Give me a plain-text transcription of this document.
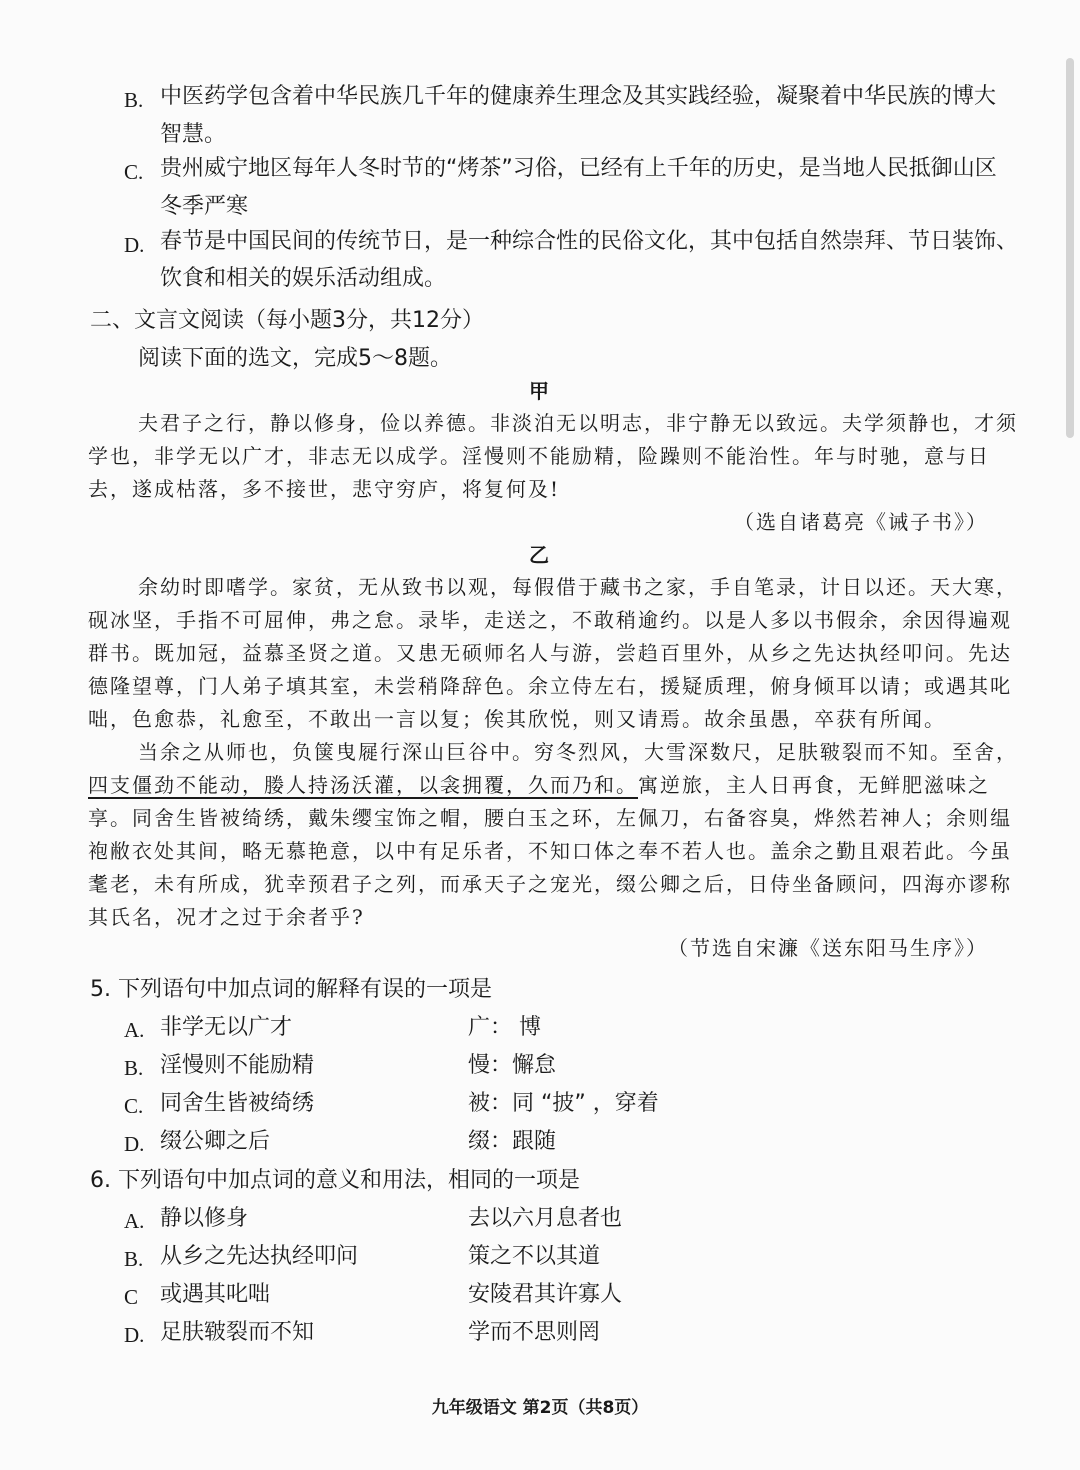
B. 中医药学包含着中华民族几千年的健康养生理念及其实践经验，凝聚着中华民族的博大
智慧。
C. 贵州威宁地区每年人冬时节的“烤茶”习俗，已经有上千年的历史，是当地人民抵御山区
冬季严寒
D. 春节是中国民间的传统节日，是一种综合性的民俗文化，其中包括自然崇拜、节日装饰、
饮食和相关的娱乐活动组成。
二、文言文阅读（每小题3分，共12分）
阅读下面的选文，完成5～8题。
甲
夫君子之行，静以修身，俭以养德。非淡泊无以明志，非宁静无以致远。夫学须静也，才须
学也，非学无以广才，非志无以成学。淫慢则不能励精，险躁则不能治性。年与时驰，意与日
去，遂成枯落，多不接世，悲守穷庐，将复何及!
（选自诸葛亮《诫子书》）
乙
余幼时即嗜学。家贫，无从致书以观，每假借于藏书之家，手自笔录，计日以还。天大寒，
砚冰坚，手指不可屈伸，弗之怠。录毕，走送之，不敢稍逾约。以是人多以书假余，余因得遍观
群书。既加冠，益慕圣贤之道。又患无硕师名人与游，尝趋百里外，从乡之先达执经叩问。先达
德隆望尊，门人弟子填其室，未尝稍降辞色。余立侍左右，援疑质理，俯身倾耳以请；或遇其叱
咄，色愈恭，礼愈至，不敢出一言以复；俟其欣悦，则又请焉。故余虽愚，卒获有所闻。
当余之从师也，负箧曳屣行深山巨谷中。穷冬烈风，大雪深数尺，足肤皲裂而不知。至舍，
四支僵劲不能动，媵人持汤沃灌，以衾拥覆，久而乃和。寓逆旅，主人日再食，无鲜肥滋味之
享。同舍生皆被绮绣，戴朱缨宝饰之帽，腰白玉之环，左佩刀，右备容臭，烨然若神人；余则缊
袍敝衣处其间，略无慕艳意，以中有足乐者，不知口体之奉不若人也。盖余之勤且艰若此。今虽
耄老，未有所成，犹幸预君子之列，而承天子之宠光，缀公卿之后，日侍坐备顾问，四海亦谬称
其氏名，况才之过于余者乎?
（节选自宋濂《送东阳马生序》）
5. 下列语句中加点词的解释有误的一项是
A. 非学无以广才	广： 博
B. 淫慢则不能励精	慢：懈怠
C. 同舍生皆被绮绣	被：同 “披” ，穿着
D. 缀公卿之后	缀：跟随
6. 下列语句中加点词的意义和用法，相同的一项是
A. 静以修身	去以六月息者也
B. 从乡之先达执经叩问	策之不以其道
C 或遇其叱咄	安陵君其许寡人
D. 足肤皲裂而不知	学而不思则罔
九年级语文 第2页（共8页）
